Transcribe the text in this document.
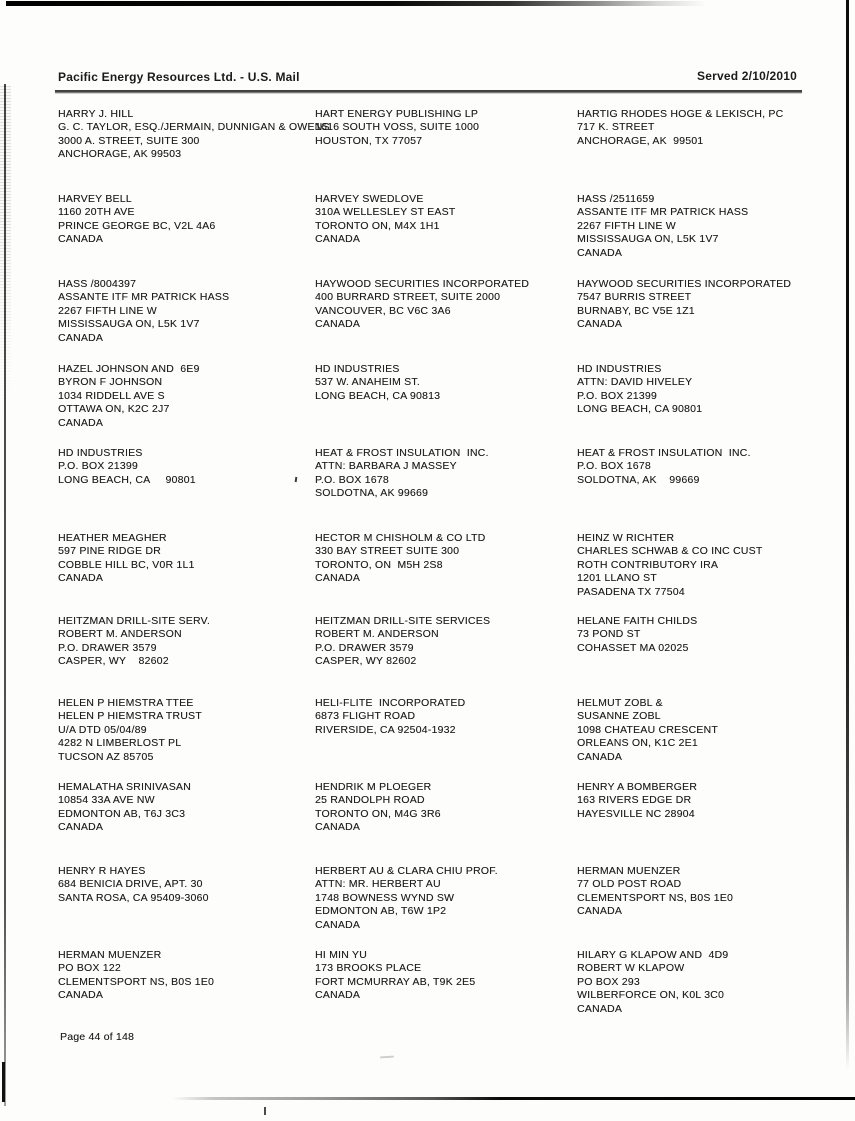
Pacific Energy Resources Ltd. - U.S. Mail	Served 2/10/2010
HARRY J. HILL
G. C. TAYLOR, ESQ./JERMAIN, DUNNIGAN & OWENS
3000 A. STREET, SUITE 300
ANCHORAGE, AK 99503
HART ENERGY PUBLISHING LP
1616 SOUTH VOSS, SUITE 1000
HOUSTON, TX 77057
HARTIG RHODES HOGE & LEKISCH, PC
717 K. STREET
ANCHORAGE, AK  99501
HARVEY BELL
1160 20TH AVE
PRINCE GEORGE BC, V2L 4A6
CANADA
HARVEY SWEDLOVE
310A WELLESLEY ST EAST
TORONTO ON, M4X 1H1
CANADA
HASS /2511659
ASSANTE ITF MR PATRICK HASS
2267 FIFTH LINE W
MISSISSAUGA ON, L5K 1V7
CANADA
HASS /8004397
ASSANTE ITF MR PATRICK HASS
2267 FIFTH LINE W
MISSISSAUGA ON, L5K 1V7
CANADA
HAYWOOD SECURITIES INCORPORATED
400 BURRARD STREET, SUITE 2000
VANCOUVER, BC V6C 3A6
CANADA
HAYWOOD SECURITIES INCORPORATED
7547 BURRIS STREET
BURNABY, BC V5E 1Z1
CANADA
HAZEL JOHNSON AND  6E9
BYRON F JOHNSON
1034 RIDDELL AVE S
OTTAWA ON, K2C 2J7
CANADA
HD INDUSTRIES
537 W. ANAHEIM ST.
LONG BEACH, CA 90813
HD INDUSTRIES
ATTN: DAVID HIVELEY
P.O. BOX 21399
LONG BEACH, CA 90801
HD INDUSTRIES
P.O. BOX 21399
LONG BEACH, CA     90801
HEAT & FROST INSULATION  INC.
ATTN: BARBARA J MASSEY
P.O. BOX 1678
SOLDOTNA, AK 99669
HEAT & FROST INSULATION  INC.
P.O. BOX 1678
SOLDOTNA, AK    99669
HEATHER MEAGHER
597 PINE RIDGE DR
COBBLE HILL BC, V0R 1L1
CANADA
HECTOR M CHISHOLM & CO LTD
330 BAY STREET SUITE 300
TORONTO, ON  M5H 2S8
CANADA
HEINZ W RICHTER
CHARLES SCHWAB & CO INC CUST
ROTH CONTRIBUTORY IRA
1201 LLANO ST
PASADENA TX 77504
HEITZMAN DRILL-SITE SERV.
ROBERT M. ANDERSON
P.O. DRAWER 3579
CASPER, WY    82602
HEITZMAN DRILL-SITE SERVICES
ROBERT M. ANDERSON
P.O. DRAWER 3579
CASPER, WY 82602
HELANE FAITH CHILDS
73 POND ST
COHASSET MA 02025
HELEN P HIEMSTRA TTEE
HELEN P HIEMSTRA TRUST
U/A DTD 05/04/89
4282 N LIMBERLOST PL
TUCSON AZ 85705
HELI-FLITE  INCORPORATED
6873 FLIGHT ROAD
RIVERSIDE, CA 92504-1932
HELMUT ZOBL &
SUSANNE ZOBL
1098 CHATEAU CRESCENT
ORLEANS ON, K1C 2E1
CANADA
HEMALATHA SRINIVASAN
10854 33A AVE NW
EDMONTON AB, T6J 3C3
CANADA
HENDRIK M PLOEGER
25 RANDOLPH ROAD
TORONTO ON, M4G 3R6
CANADA
HENRY A BOMBERGER
163 RIVERS EDGE DR
HAYESVILLE NC 28904
HENRY R HAYES
684 BENICIA DRIVE, APT. 30
SANTA ROSA, CA 95409-3060
HERBERT AU & CLARA CHIU PROF.
ATTN: MR. HERBERT AU
1748 BOWNESS WYND SW
EDMONTON AB, T6W 1P2
CANADA
HERMAN MUENZER
77 OLD POST ROAD
CLEMENTSPORT NS, B0S 1E0
CANADA
HERMAN MUENZER
PO BOX 122
CLEMENTSPORT NS, B0S 1E0
CANADA
HI MIN YU
173 BROOKS PLACE
FORT MCMURRAY AB, T9K 2E5
CANADA
HILARY G KLAPOW AND  4D9
ROBERT W KLAPOW
PO BOX 293
WILBERFORCE ON, K0L 3C0
CANADA
Page 44 of 148
